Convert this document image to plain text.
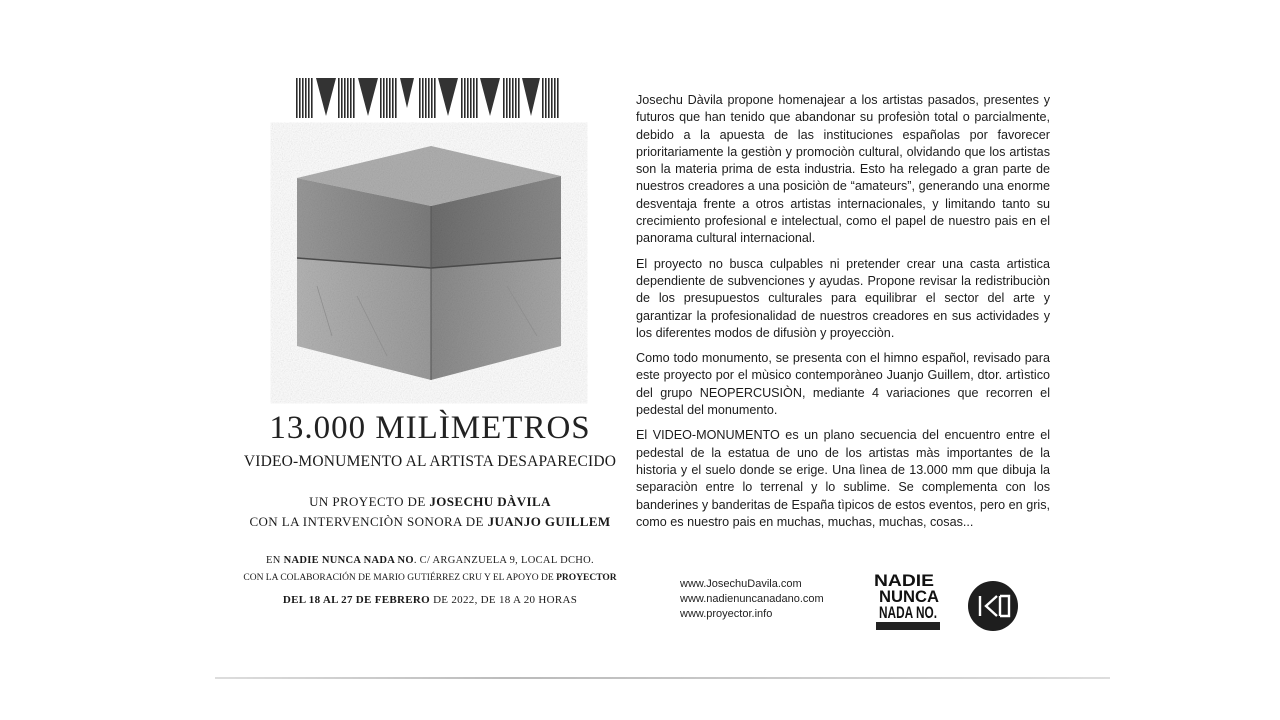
13.000 MILÌMETROS
VIDEO-MONUMENTO AL ARTISTA DESAPARECIDO
UN PROYECTO DE JOSECHU DÀVILA
CON LA INTERVENCIÒN SONORA DE JUANJO GUILLEM
EN NADIE NUNCA NADA NO. C/ ARGANZUELA 9, LOCAL DCHO.
CON LA COLABORACIÓN DE MARIO GUTIÉRREZ CRU Y EL APOYO DE PROYECTOR
DEL 18 AL 27 DE FEBRERO DE 2022, DE 18 A 20 HORAS

Josechu Dàvila propone homenajear a los artistas pasados, presentes y futuros que han tenido que abandonar su profesiòn total o parcialmente, debido a la apuesta de las instituciones españolas por favorecer prioritariamente la gestiòn y promociòn cultural, olvidando que los artistas son la materia prima de esta industria. Esto ha relegado a gran parte de nuestros creadores a una posiciòn de “amateurs”, generando una enorme desventaja frente a otros artistas internacionales, y limitando tanto su crecimiento profesional e intelectual, como el papel de nuestro pais en el panorama cultural internacional.

El proyecto no busca culpables ni pretender crear una casta artistica dependiente de subvenciones y ayudas. Propone revisar la redistribuciòn de los presupuestos culturales para equilibrar el sector del arte y garantizar la profesionalidad de nuestros creadores en sus actividades y los diferentes modos de difusiòn y proyecciòn.

Como todo monumento, se presenta con el himno español, revisado para este proyecto por el mùsico contemporàneo Juanjo Guillem, dtor. artìstico del grupo NEOPERCUSIÒN, mediante 4 variaciones que recorren el pedestal del monumento.

El VIDEO-MONUMENTO es un plano secuencia del encuentro entre el pedestal de la estatua de uno de los artistas màs importantes de la historia y el suelo donde se erige. Una lìnea de 13.000 mm que dibuja la separaciòn entre lo terrenal y lo sublime. Se complementa con los banderines y banderitas de España tìpicos de estos eventos, pero en gris, como es nuestro pais en muchas, muchas, muchas, cosas...

www.JosechuDavila.com
www.nadienuncanadano.com
www.proyector.info
NADIE
NUNCA
NADA NO.
